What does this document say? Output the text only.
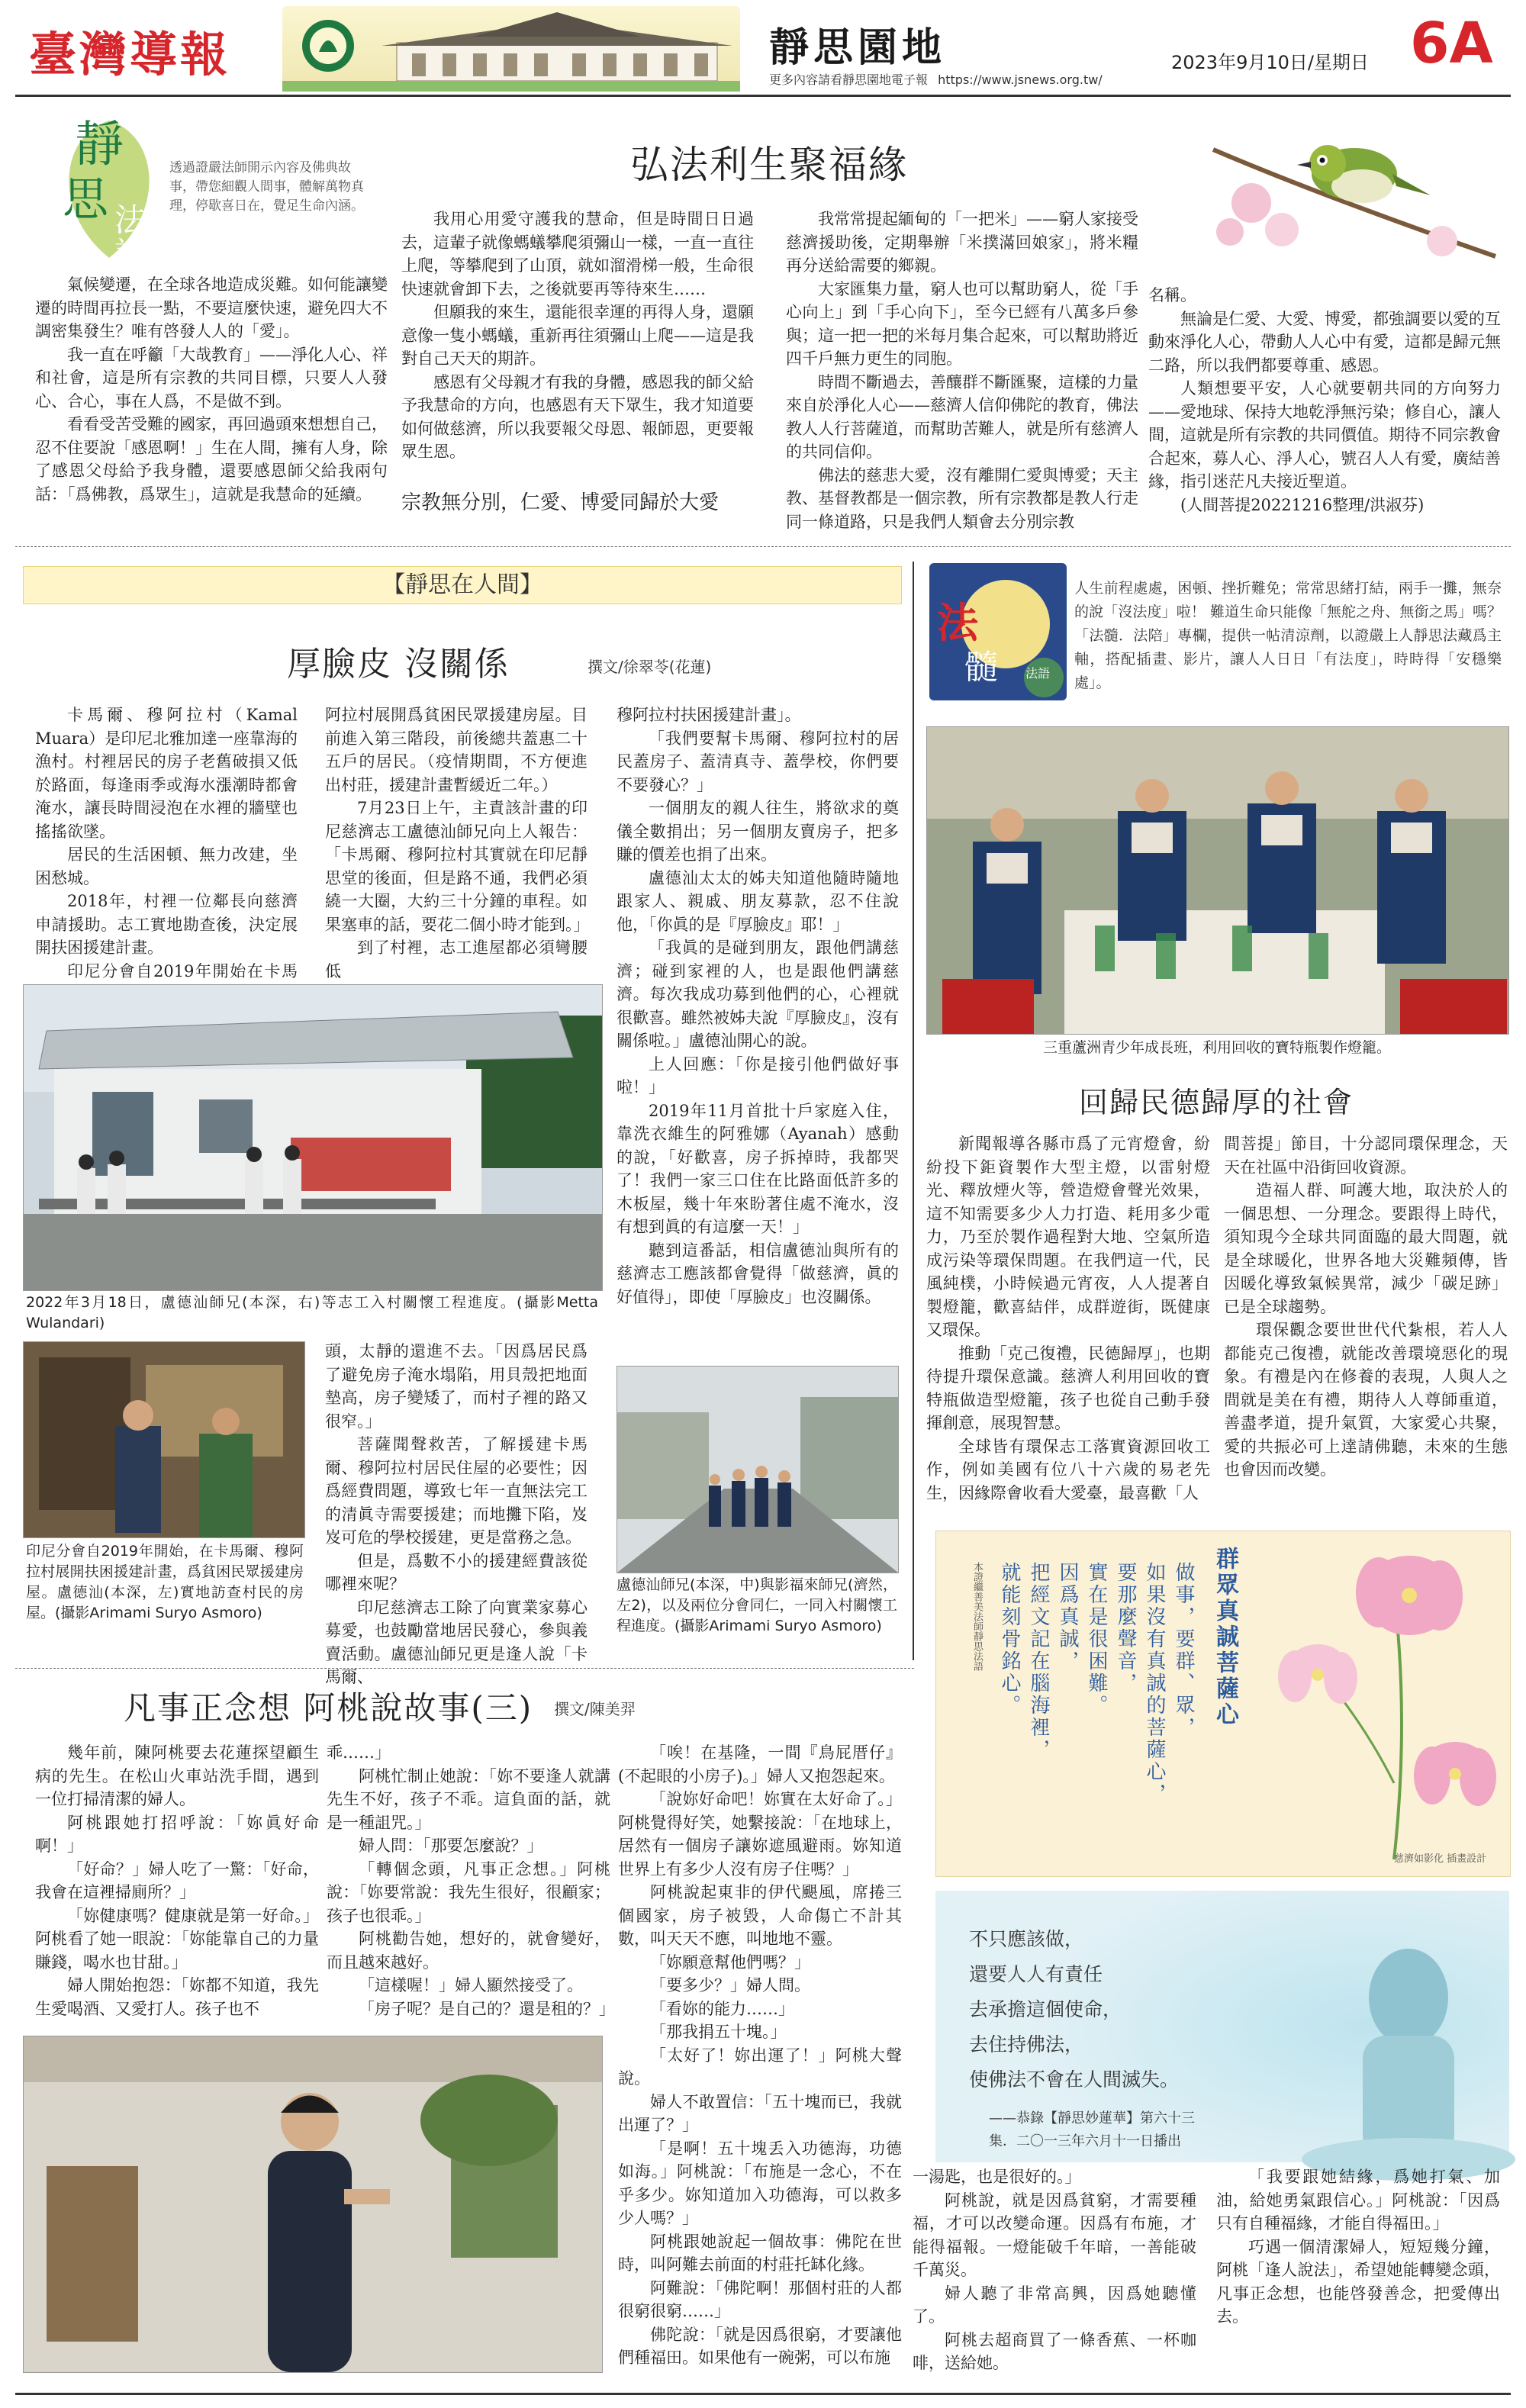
臺灣導報	靜思園地
更多內容請看靜思園地電子報 https://www.jsnews.org.tw/
2023年9月10日/星期日 6A
靜
思 法
語
透過證嚴法師開示內容及佛典故事，帶您細觀人間事，體解萬物真理，停歇喜日在，覺足生命內涵。
弘法利生聚福緣

氣候變遷，在全球各地造成災難。如何能讓變遷的時間再拉長一點，不要這麼快速，避免四大不調密集發生？唯有啓發人人的「愛」。

我一直在呼籲「大哉教育」——淨化人心、祥和社會，這是所有宗教的共同目標，只要人人發心、合心，事在人爲，不是做不到。

看看受苦受難的國家，再回過頭來想想自己，忍不住要說「感恩啊！」生在人間，擁有人身，除了感恩父母給予我身體，還要感恩師父給我兩句話：「爲佛教，爲眾生」，這就是我慧命的延續。

我用心用愛守護我的慧命，但是時間日日過去，這輩子就像螞蟻攀爬須彌山一樣，一直一直往上爬，等攀爬到了山頂，就如溜滑梯一般，生命很快速就會卸下去，之後就要再等待來生……

但願我的來生，還能很幸運的再得人身，還願意像一隻小螞蟻，重新再往須彌山上爬——這是我對自己天天的期許。

感恩有父母親才有我的身體，感恩我的師父給予我慧命的方向，也感恩有天下眾生，我才知道要如何做慈濟，所以我要報父母恩、報師恩，更要報眾生恩。

宗教無分別，仁愛、博愛同歸於大愛

我常常提起緬甸的「一把米」——窮人家接受慈濟援助後，定期舉辦「米撲滿回娘家」，將米糧再分送給需要的鄉親。

大家匯集力量，窮人也可以幫助窮人，從「手心向上」到「手心向下」，至今已經有八萬多戶參與；這一把一把的米每月集合起來，可以幫助將近四千戶無力更生的同胞。

時間不斷過去，善釀群不斷匯聚，這樣的力量來自於淨化人心——慈濟人信仰佛陀的教育，佛法教人人行菩薩道，而幫助苦難人，就是所有慈濟人的共同信仰。

佛法的慈悲大愛，沒有離開仁愛與博愛；天主教、基督教都是一個宗教，所有宗教都是教人行走同一條道路，只是我們人類會去分別宗教

名稱。

無論是仁愛、大愛、博愛，都強調要以愛的互動來淨化人心，帶動人人心中有愛，這都是歸元無二路，所以我們都要尊重、感恩。

人類想要平安，人心就要朝共同的方向努力——愛地球、保持大地乾淨無污染；修自心，讓人間，這就是所有宗教的共同價值。期待不同宗教會合起來，募人心、淨人心，號召人人有愛，廣結善緣，指引迷茫凡夫接近聖道。

(人間菩提20221216整理/洪淑芬)

【靜思在人間】
厚臉皮 沒關係	撰文/徐翠苓(花蓮)

卡馬爾、穆阿拉村（Kamal Muara）是印尼北雅加達一座靠海的漁村。村裡居民的房子老舊破損又低於路面，每逢雨季或海水漲潮時都會淹水，讓長時間浸泡在水裡的牆壁也搖搖欲墜。

居民的生活困頓、無力改建，坐困愁城。

2018年，村裡一位鄰長向慈濟申請援助。志工實地勘查後，決定展開扶困援建計畫。

印尼分會自2019年開始在卡馬

阿拉村展開爲貧困民眾援建房屋。目前進入第三階段，前後總共蓋惠二十五戶的居民。（疫情期間，不方便進出村莊，援建計畫暫緩近二年。）

7月23日上午，主責該計畫的印尼慈濟志工盧德汕師兄向上人報告：「卡馬爾、穆阿拉村其實就在印尼靜思堂的後面，但是路不通，我們必須繞一大圈，大約三十分鐘的車程。如果塞車的話，要花二個小時才能到。」

到了村裡，志工進屋都必須彎腰低

穆阿拉村扶困援建計畫」。

「我們要幫卡馬爾、穆阿拉村的居民蓋房子、蓋清真寺、蓋學校，你們要不要發心？」

一個朋友的親人往生，將欲求的奠儀全數捐出；另一個朋友賣房子，把多賺的價差也捐了出來。

盧德汕太太的姊夫知道他隨時隨地跟家人、親戚、朋友募款，忍不住說他，「你眞的是『厚臉皮』耶！」

「我眞的是碰到朋友，跟他們講慈濟；碰到家裡的人，也是跟他們講慈濟。每次我成功募到他們的心，心裡就很歡喜。雖然被姊夫說『厚臉皮』，沒有關係啦。」盧德汕開心的說。

上人回應：「你是接引他們做好事啦！」

2019年11月首批十戶家庭入住，靠洗衣維生的阿雅娜（Ayanah）感動的說，「好歡喜，房子拆掉時，我都哭了！我們一家三口住在比路面低許多的木板屋，幾十年來盼著住處不淹水，沒有想到眞的有這麼一天！」

聽到這番話，相信盧德汕與所有的慈濟志工應該都會覺得「做慈濟，眞的好值得」，即使「厚臉皮」也沒關係。

2022年3月18日，盧德汕師兄(本深，右)等志工入村關懷工程進度。(攝影Metta Wulandari)
印尼分會自2019年開始，在卡馬爾、穆阿拉村展開扶困援建計畫，爲貧困民眾援建房屋。盧德汕(本深，左)實地訪查村民的房屋。(攝影Arimami Suryo Asmoro)

頭，太靜的還進不去。「因爲居民爲了避免房子淹水塌陷，用貝殼把地面墊高，房子變矮了，而村子裡的路又很窄。」

菩薩聞聲救苦，了解援建卡馬爾、穆阿拉村居民住屋的必要性；因爲經費問題，導致七年一直無法完工的清眞寺需要援建；而地攤下陷，岌岌可危的學校援建，更是當務之急。

但是，爲數不小的援建經費該從哪裡來呢？

印尼慈濟志工除了向實業家募心募愛，也鼓勵當地居民發心，參與義賣活動。盧德汕師兄更是逢人說「卡馬爾、

盧德汕師兄(本深，中)與影福來師兄(濟然，左2)，以及兩位分會同仁，一同入村關懷工程進度。(攝影Arimami Suryo Asmoro)
法
髓 法語
人生前程處處，困頓、挫折難免；常常思緒打結，兩手一攤，無奈的說「沒法度」啦！ 難道生命只能像「無舵之舟、無銜之馬」嗎？「法髓．法陪」專欄，提供一帖清涼劑，以證嚴上人靜思法藏爲主軸，搭配插畫、影片，讓人人日日「有法度」，時時得「安穩樂處」。
三重蘆洲青少年成長班，利用回收的寶特瓶製作燈籠。
回歸民德歸厚的社會

新聞報導各縣市爲了元宵燈會，紛紛投下鉅資製作大型主燈，以雷射燈光、釋放煙火等，營造燈會聲光效果，這不知需要多少人力打造、耗用多少電力，乃至於製作過程對大地、空氣所造成污染等環保問題。在我們這一代，民風純樸，小時候過元宵夜，人人提著自製燈籠，歡喜結伴，成群遊街，既健康又環保。

推動「克己復禮，民德歸厚」，也期待提升環保意識。慈濟人利用回收的寶特瓶做造型燈籠，孩子也從自己動手發揮創意，展現智慧。

全球皆有環保志工落實資源回收工作，例如美國有位八十六歲的易老先生，因緣際會收看大愛臺，最喜歡「人

間菩提」節目，十分認同環保理念，天天在社區中沿街回收資源。

造福人群、呵護大地，取決於人的一個思想、一分理念。要跟得上時代，須知現今全球共同面臨的最大問題，就是全球暖化，世界各地大災難頻傳，皆因暖化導致氣候異常，減少「碳足跡」已是全球趨勢。

環保觀念要世世代代紮根，若人人都能克己復禮，就能改善環境惡化的現象。有禮是內在修養的表現，人與人之間就是美在有禮，期待人人尊師重道，善盡孝道，提升氣質，大家愛心共聚，愛的共振必可上達請佛聽，未來的生態也會因而改變。

群眾真誠菩薩心
做事，要群、眾，
如果沒有真誠的菩薩心，
要那麼聲音，
實在是很困難。
因爲真誠，
把經文記在腦海裡，
就能刻骨銘心。
本證繼善美法師靜思法語
慈濟如影化 插畫設計
不只應該做，
還要人人有責任
去承擔這個使命，
去住持佛法，
使佛法不會在人間滅失。
——恭錄【靜思妙蓮華】第六十三
集．二〇一三年六月十一日播出
凡事正念想 阿桃說故事(三) 撰文/陳美羿

幾年前，陳阿桃要去花蓮探望顧生病的先生。在松山火車站洗手間，遇到一位打掃清潔的婦人。

阿桃跟她打招呼說：「妳眞好命啊！」

「好命？」婦人吃了一驚：「好命，我會在這裡掃廁所？」

「妳健康嗎？健康就是第一好命。」阿桃看了她一眼說：「妳能靠自己的力量賺錢，喝水也甘甜。」

婦人開始抱怨：「妳都不知道，我先生愛喝酒、又愛打人。孩子也不

乖……」

阿桃忙制止她說：「妳不要逢人就講先生不好，孩子不乖。這負面的話，就是一種詛咒。」

婦人問：「那要怎麼說？」

「轉個念頭，凡事正念想。」阿桃說：「妳要常說：我先生很好，很顧家；孩子也很乖。」

阿桃勸告她，想好的，就會變好，而且越來越好。

「這樣喔！」婦人顯然接受了。

「房子呢？是自己的？還是租的？」

「唉！在基隆，一間『鳥屁厝仔』(不起眼的小房子)。」婦人又抱怨起來。

「說妳好命吧！妳實在太好命了。」阿桃覺得好笑，她繫接說：「在地球上，居然有一個房子讓妳遮風避雨。妳知道世界上有多少人沒有房子住嗎？」

阿桃說起東非的伊代颶風，席捲三個國家，房子被毀，人命傷亡不計其數，叫天天不應，叫地地不靈。

「妳願意幫他們嗎？」

「要多少？」婦人問。

「看妳的能力……」

「那我捐五十塊。」

「太好了！妳出運了！」阿桃大聲說。

婦人不敢置信：「五十塊而已，我就出運了？」

「是啊！五十塊丢入功德海，功德如海。」阿桃說：「布施是一念心，不在乎多少。妳知道加入功德海，可以救多少人嗎？」

阿桃跟她說起一個故事：佛陀在世時，叫阿難去前面的村莊托缽化緣。

阿難說：「佛陀啊！那個村莊的人都很窮很窮……」

佛陀說：「就是因爲很窮，才要讓他們種福田。如果他有一碗粥，可以布施

一湯匙，也是很好的。」

阿桃說，就是因爲貧窮，才需要種福，才可以改變命運。因爲有布施，才能得福報。一燈能破千年暗，一善能破千萬災。

婦人聽了非常高興，因爲她聽懂了。

阿桃去超商買了一條香蕉、一杯咖啡，送給她。

「我要跟她結緣，爲她打氣、加油，給她勇氣跟信心。」阿桃說：「因爲只有自種福緣，才能自得福田。」

巧遇一個清潔婦人，短短幾分鐘，阿桃「逢人說法」，希望她能轉變念頭，凡事正念想，也能啓發善念，把愛傳出去。
